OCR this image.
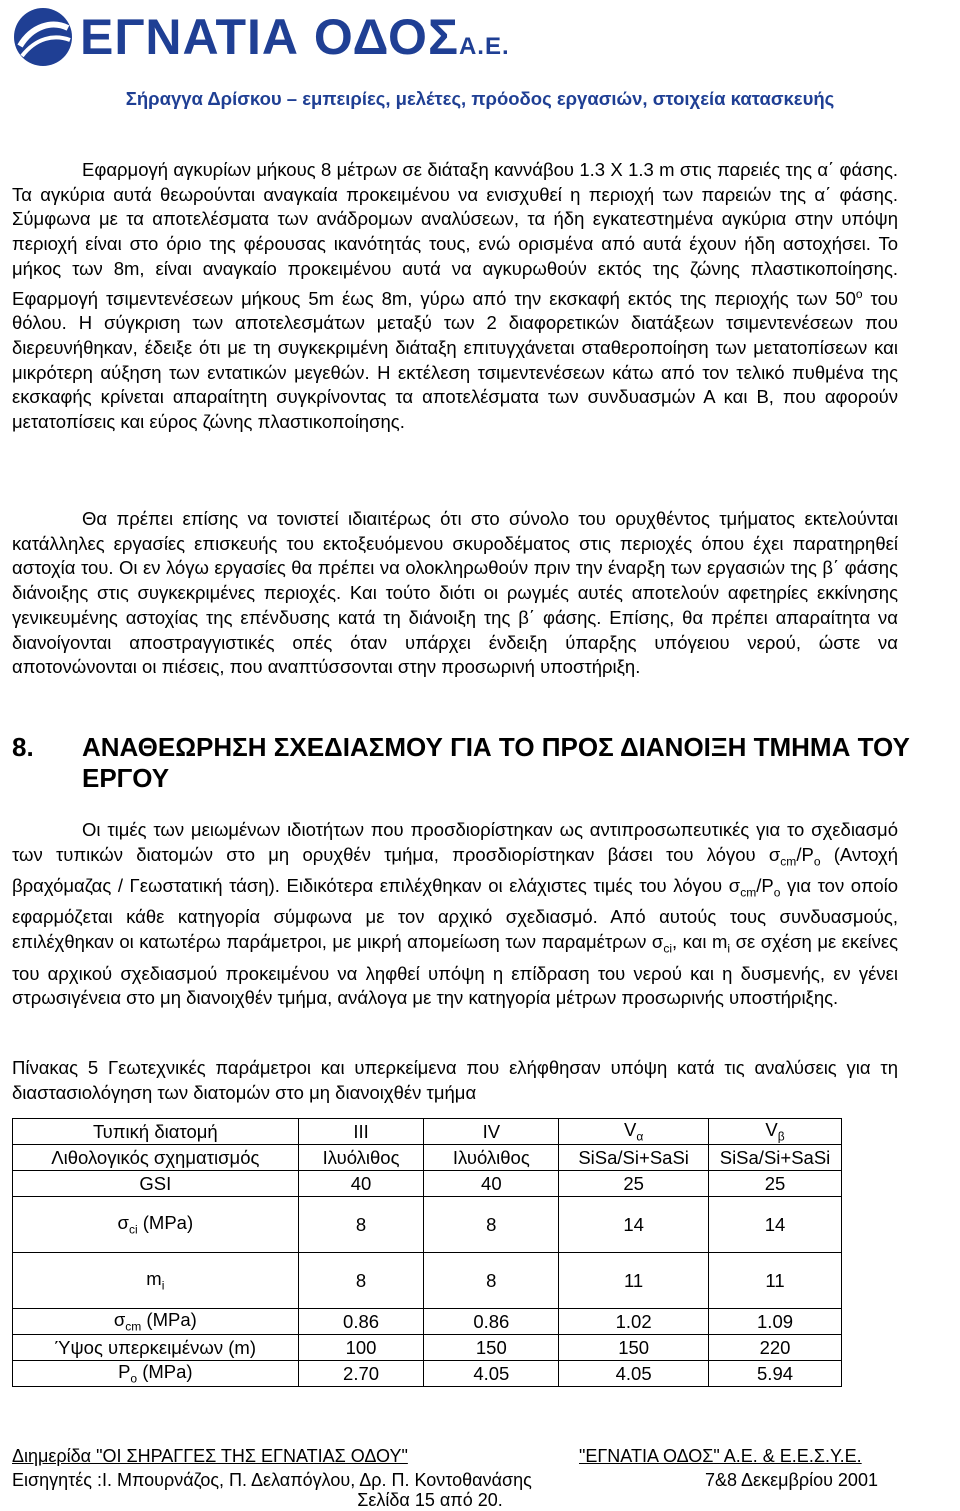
ΕΓΝΑΤΙΑ ΟΔΟΣΑ.Ε.
Σήραγγα Δρίσκου – εμπειρίες, μελέτες, πρόοδος εργασιών, στοιχεία κατασκευής

Εφαρμογή αγκυρίων μήκους 8 μέτρων σε διάταξη καννάβου 1.3 Χ 1.3 m στις παρειές της α΄ φάσης. Τα αγκύρια αυτά θεωρούνται αναγκαία προκειμένου να ενισχυθεί η περιοχή των παρειών της α΄ φάσης. Σύμφωνα με τα αποτελέσματα των ανάδρομων αναλύσεων, τα ήδη εγκατεστημένα αγκύρια στην υπόψη περιοχή είναι στο όριο της φέρουσας ικανότητάς τους, ενώ ορισμένα από αυτά έχουν ήδη αστοχήσει. Το μήκος των 8m, είναι αναγκαίο προκειμένου αυτά να αγκυρωθούν εκτός της ζώνης πλαστικοποίησης. Εφαρμογή τσιμεντενέσεων μήκους 5m έως 8m, γύρω από την εκσκαφή εκτός της περιοχής των $50^o$ του θόλου. Η σύγκριση των αποτελεσμάτων μεταξύ των 2 διαφορετικών διατάξεων τσιμεντενέσεων που διερευνήθηκαν, έδειξε ότι με τη συγκεκριμένη διάταξη επιτυγχάνεται σταθεροποίηση των μετατοπίσεων και μικρότερη αύξηση των εντατικών μεγεθών. Η εκτέλεση τσιμεντενέσεων κάτω από τον τελικό πυθμένα της εκσκαφής κρίνεται απαραίτητη συγκρίνοντας τα αποτελέσματα των συνδυασμών Α και Β, που αφορούν μετατοπίσεις και εύρος ζώνης πλαστικοποίησης.

Θα πρέπει επίσης να τονιστεί ιδιαιτέρως ότι στο σύνολο του ορυχθέντος τμήματος εκτελούνται κατάλληλες εργασίες επισκευής του εκτοξευόμενου σκυροδέματος στις περιοχές όπου έχει παρατηρηθεί αστοχία του. Οι εν λόγω εργασίες θα πρέπει να ολοκληρωθούν πριν την έναρξη των εργασιών της β΄ φάσης διάνοιξης στις συγκεκριμένες περιοχές. Και τούτο διότι οι ρωγμές αυτές αποτελούν αφετηρίες εκκίνησης γενικευμένης αστοχίας της επένδυσης κατά τη διάνοιξη της β΄ φάσης. Επίσης, θα πρέπει απαραίτητα να διανοίγονται αποστραγγιστικές οπές όταν υπάρχει ένδειξη ύπαρξης υπόγειου νερού, ώστε να αποτονώνονται οι πιέσεις, που αναπτύσσονται στην προσωρινή υποστήριξη.

8. ΑΝΑΘΕΩΡΗΣΗ ΣΧΕΔΙΑΣΜΟΥ ΓΙΑ ΤΟ ΠΡΟΣ ΔΙΑΝΟΙΞΗ ΤΜΗΜΑ ΤΟΥ ΕΡΓΟΥ

Οι τιμές των μειωμένων ιδιοτήτων που προσδιορίστηκαν ως αντιπροσωπευτικές για το σχεδιασμό των τυπικών διατομών στο μη ορυχθέν τμήμα, προσδιορίστηκαν βάσει του λόγου $\sigma_{cm}/P_o$ (Αντοχή βραχόμαζας / Γεωστατική τάση). Ειδικότερα επιλέχθηκαν οι ελάχιστες τιμές του λόγου $\sigma_{cm}/P_o$ για τον οποίο εφαρμόζεται κάθε κατηγορία σύμφωνα με τον αρχικό σχεδιασμό. Από αυτούς τους συνδυασμούς, επιλέχθηκαν οι κατωτέρω παράμετροι, με μικρή απομείωση των παραμέτρων $\sigma_{ci}$, και $m_i$ σε σχέση με εκείνες του αρχικού σχεδιασμού προκειμένου να ληφθεί υπόψη η επίδραση του νερού και η δυσμενής, εν γένει στρωσιγένεια στο μη διανοιχθέν τμήμα, ανάλογα με την κατηγορία μέτρων προσωρινής υποστήριξης.

Πίνακας 5 Γεωτεχνικές παράμετροι και υπερκείμενα που ελήφθησαν υπόψη κατά τις αναλύσεις για τη διαστασιολόγηση των διατομών στο μη διανοιχθέν τμήμα

Τυπική διατομή	III	IV	$V_\alpha$	$V_\beta$
Λιθολογικός σχηματισμός	Ιλυόλιθος	Ιλυόλιθος	SiSa/Si+SaSi	SiSa/Si+SaSi
GSI	40	40	25	25
$\sigma_{ci}$ (MPa)	8	8	14	14
$m_i$	8	8	11	11
$\sigma_{cm}$ (MPa)	0.86	0.86	1.02	1.09
Ύψος υπερκειμένων (m)	100	150	150	220
$P_o$ (MPa)	2.70	4.05	4.05	5.94
Διημερίδα "ΟΙ ΣΗΡΑΓΓΕΣ ΤΗΣ ΕΓΝΑΤΙΑΣ ΟΔΟΥ"	"ΕΓΝΑΤΙΑ ΟΔΟΣ" Α.Ε. & Ε.Ε.Σ.Υ.Ε.
Εισηγητές :Ι. Μπουρνάζος, Π. Δελαπόγλου, Δρ. Π. Κοντοθανάσης	7&8 Δεκεμβρίου 2001
Σελίδα 15 από 20.
